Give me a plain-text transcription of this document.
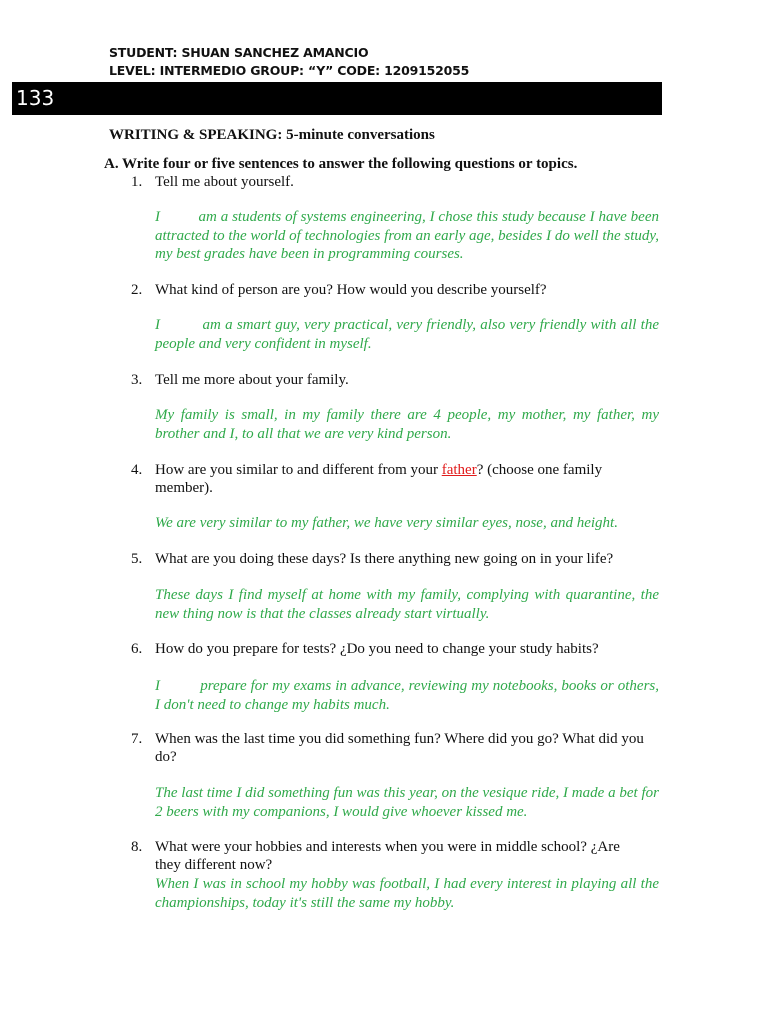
STUDENT: SHUAN SANCHEZ AMANCIO
LEVEL: INTERMEDIO GROUP: “Y” CODE: 1209152055
133
WRITING & SPEAKING: 5-minute conversations
A. Write four or five sentences to answer the following questions or topics.
1. Tell me about yourself.
I          am a students of systems engineering, I chose this study because I have been attracted to the world of technologies from an early age, besides I do well the study, my best grades have been in programming courses.
2. What kind of person are you? How would you describe yourself?
I          am a smart guy, very practical, very friendly, also very friendly with all the people and very confident in myself.
3. Tell me more about your family.
My family is small, in my family there are 4 people, my mother, my father, my brother and I, to all that we are very kind person.
4. How are you similar to and different from your father? (choose one family member).
We are very similar to my father, we have very similar eyes, nose, and height.
5. What are you doing these days? Is there anything new going on in your life?
These days I find myself at home with my family, complying with quarantine, the new thing now is that the classes already start virtually.
6. How do you prepare for tests? ¿Do you need to change your study habits?
I          prepare for my exams in advance, reviewing my notebooks, books or others, I don't need to change my habits much.
7. When was the last time you did something fun? Where did you go? What did you do?
The last time I did something fun was this year, on the vesique ride, I made a bet for 2 beers with my companions, I would give whoever kissed me.
8. What were your hobbies and interests when you were in middle school? ¿Are they different now?
When I was in school my hobby was football, I had every interest in playing all the championships, today it's still the same my hobby.
